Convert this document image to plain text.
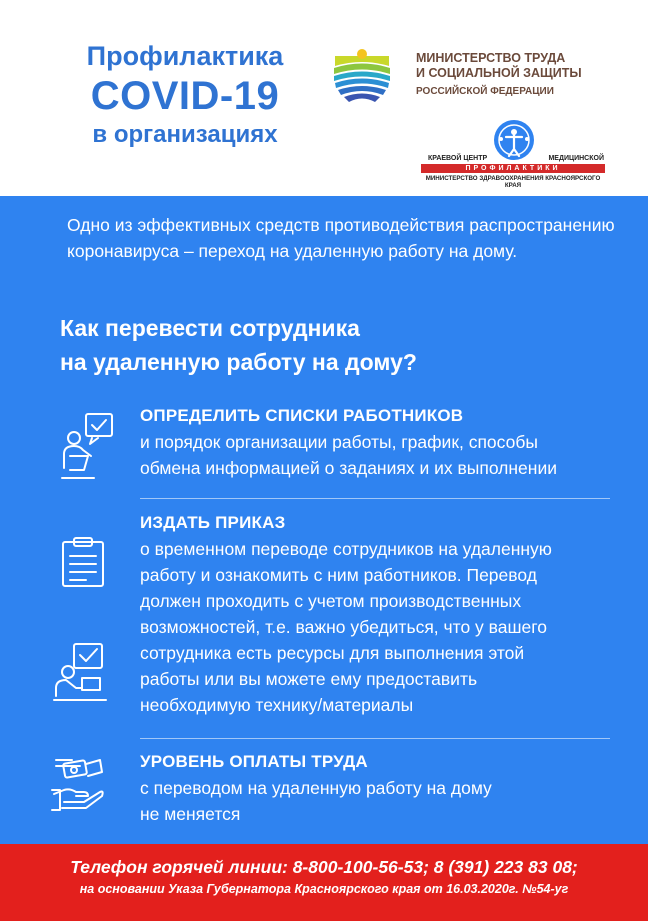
Профилактика
COVID-19
в организациях
МИНИСТЕРСТВО ТРУДА
И СОЦИАЛЬНОЙ ЗАЩИТЫ
РОССИЙСКОЙ ФЕДЕРАЦИИ
КРАЕВОЙ ЦЕНТР	МЕДИЦИНСКОЙ
ПРОФИЛАКТИКИ
МИНИСТЕРСТВО ЗДРАВООХРАНЕНИЯ КРАСНОЯРСКОГО КРАЯ
Одно из эффективных средств противодействия распространению коронавируса – переход на удаленную работу на дому.
Как перевести сотрудника
на удаленную работу на дому?
ОПРЕДЕЛИТЬ СПИСКИ РАБОТНИКОВ
и порядок организации работы, график, способы
обмена информацией о заданиях и их выполнении
ИЗДАТЬ ПРИКАЗ
о временном переводе сотрудников на удаленную
работу и ознакомить с ним работников. Перевод
должен проходить с учетом производственных
возможностей, т.е. важно убедиться, что у вашего
сотрудника есть ресурсы для выполнения этой
работы или вы можете ему предоставить
необходимую технику/материалы
УРОВЕНЬ ОПЛАТЫ ТРУДА
с переводом на удаленную работу на дому
не меняется
Телефон горячей линии: 8-800-100-56-53; 8 (391) 223 83 08;
на основании Указа Губернатора Красноярского края от 16.03.2020г. №54-уг
